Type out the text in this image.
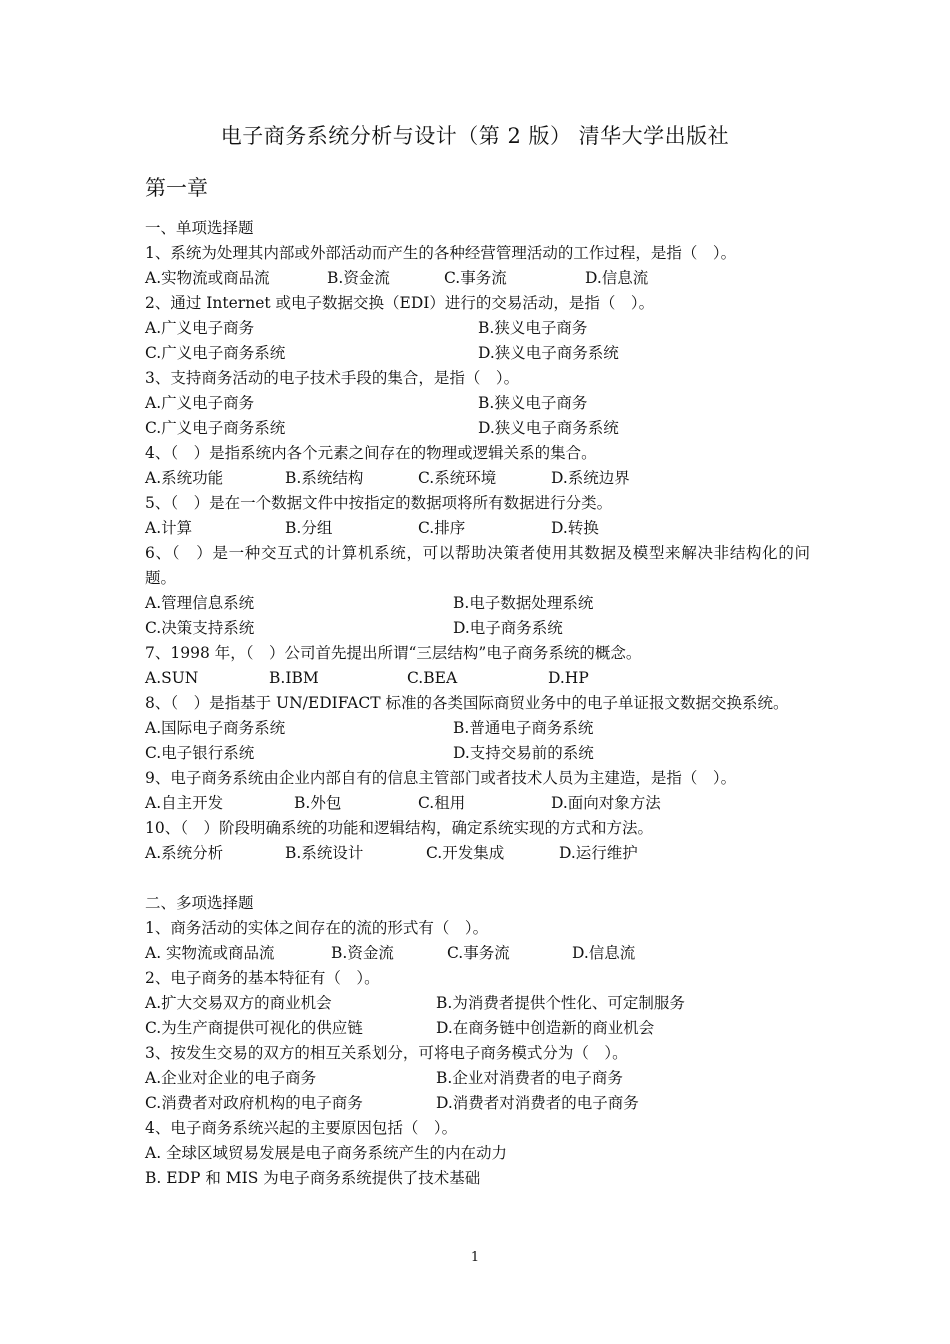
电子商务系统分析与设计（第 2 版） 清华大学出版社
第一章
一、单项选择题
1、系统为处理其内部或外部活动而产生的各种经营管理活动的工作过程，是指（　）。
A.实物流或商品流	B.资金流	C.事务流	D.信息流
2、通过 Internet 或电子数据交换（EDI）进行的交易活动，是指（　）。
A.广义电子商务	B.狭义电子商务
C.广义电子商务系统	D.狭义电子商务系统
3、支持商务活动的电子技术手段的集合，是指（　）。
A.广义电子商务	B.狭义电子商务
C.广义电子商务系统	D.狭义电子商务系统
4、（　）是指系统内各个元素之间存在的物理或逻辑关系的集合。
A.系统功能	B.系统结构	C.系统环境	D.系统边界
5、（　）是在一个数据文件中按指定的数据项将所有数据进行分类。
A.计算	B.分组	C.排序	D.转换
6、（　）是一种交互式的计算机系统，可以帮助决策者使用其数据及模型来解决非结构化的问题。
A.管理信息系统	B.电子数据处理系统
C.决策支持系统	D.电子商务系统
7、1998 年，（　）公司首先提出所谓“三层结构”电子商务系统的概念。
A.SUN	B.IBM	C.BEA	D.HP
8、（　）是指基于 UN/EDIFACT 标准的各类国际商贸业务中的电子单证报文数据交换系统。
A.国际电子商务系统	B.普通电子商务系统
C.电子银行系统	D.支持交易前的系统
9、电子商务系统由企业内部自有的信息主管部门或者技术人员为主建造，是指（　）。
A.自主开发	B.外包	C.租用	D.面向对象方法
10、（　）阶段明确系统的功能和逻辑结构，确定系统实现的方式和方法。
A.系统分析	B.系统设计	C.开发集成	D.运行维护
二、多项选择题
1、商务活动的实体之间存在的流的形式有（　）。
A. 实物流或商品流	B.资金流	C.事务流	D.信息流
2、电子商务的基本特征有（　）。
A.扩大交易双方的商业机会	B.为消费者提供个性化、可定制服务
C.为生产商提供可视化的供应链	D.在商务链中创造新的商业机会
3、按发生交易的双方的相互关系划分，可将电子商务模式分为（　）。
A.企业对企业的电子商务	B.企业对消费者的电子商务
C.消费者对政府机构的电子商务	D.消费者对消费者的电子商务
4、电子商务系统兴起的主要原因包括（　）。
A. 全球区域贸易发展是电子商务系统产生的内在动力
B. EDP 和 MIS 为电子商务系统提供了技术基础
1
